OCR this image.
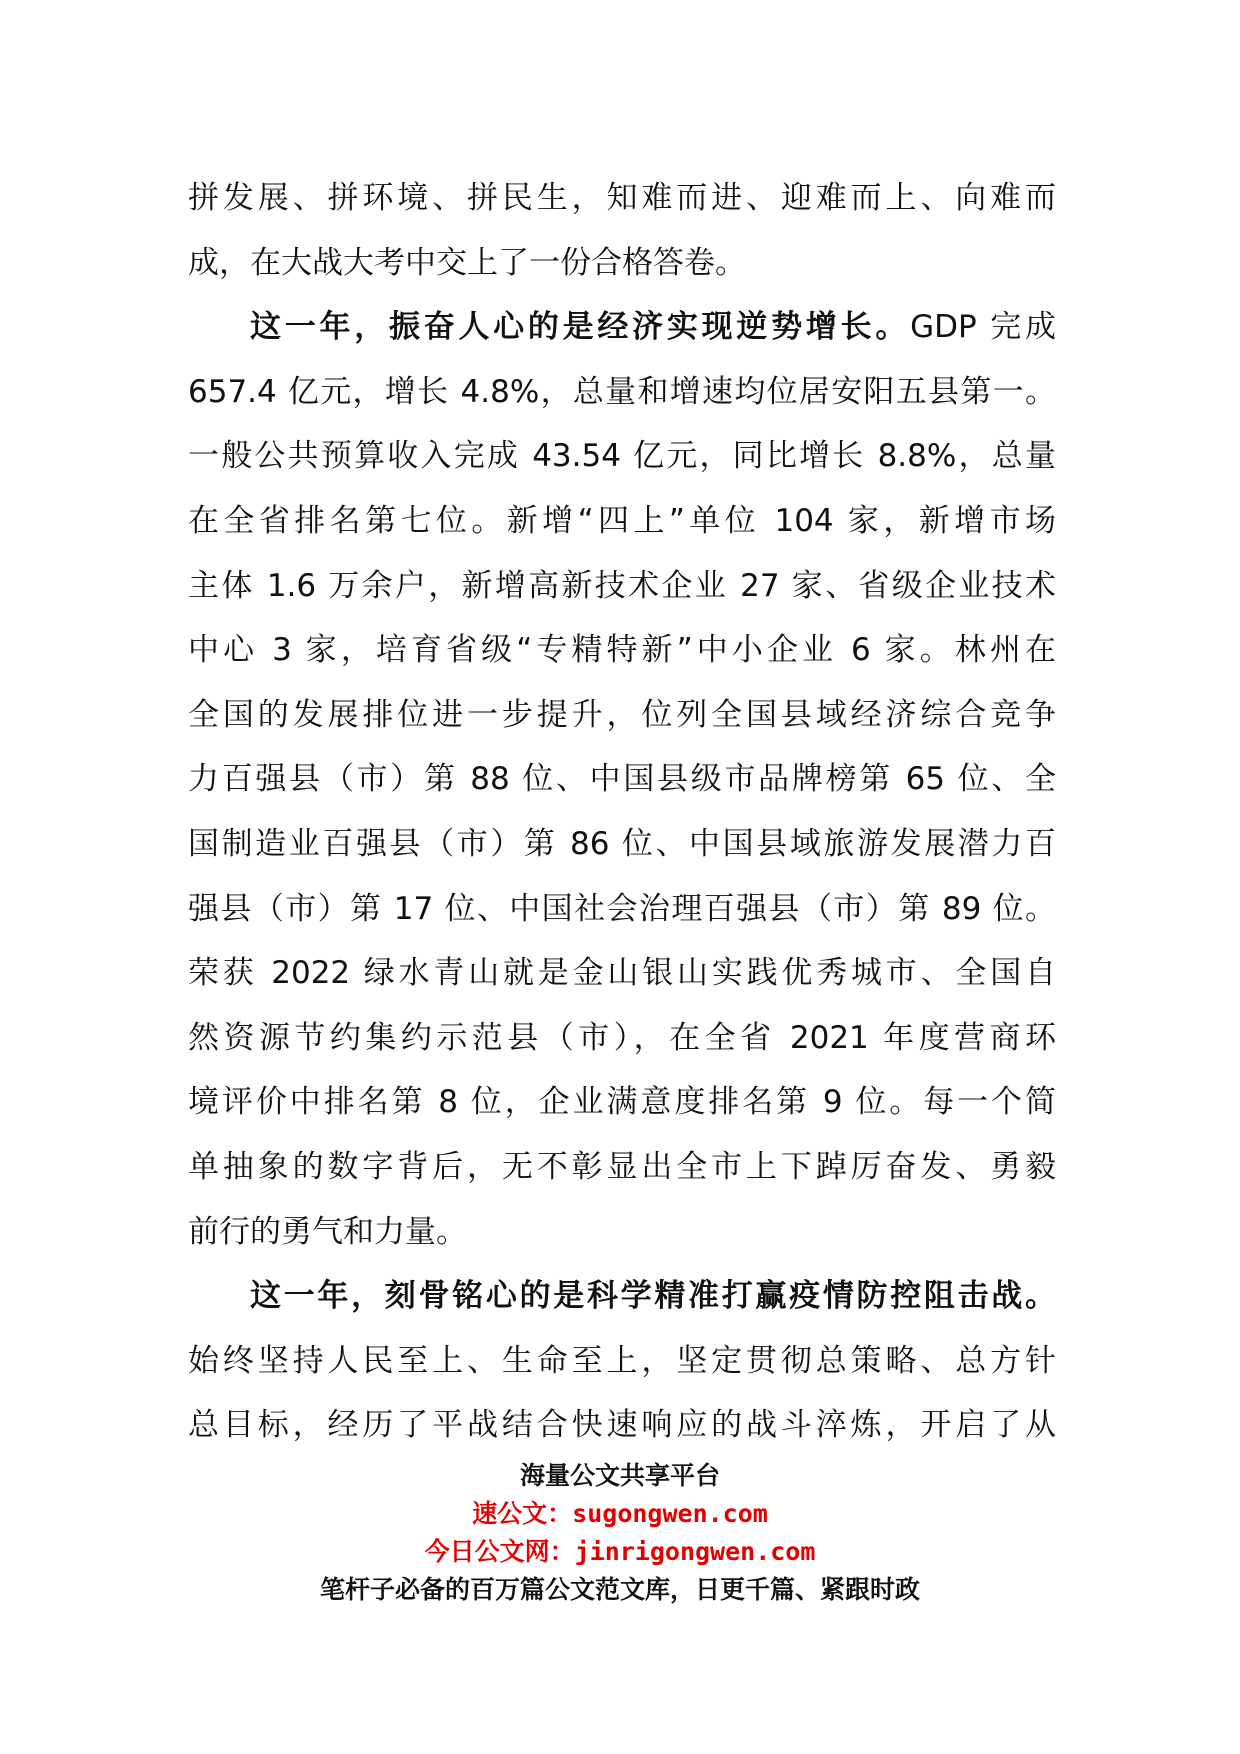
拼发展、拼环境、拼民生，知难而进、迎难而上、向难而
成，在大战大考中交上了一份合格答卷。
这一年，振奋人心的是经济实现逆势增长。GDP 完成
657.4 亿元，增长 4.8%，总量和增速均位居安阳五县第一。
一般公共预算收入完成 43.54 亿元，同比增长 8.8%，总量
在全省排名第七位。新增“四上”单位 104 家，新增市场
主体 1.6 万余户，新增高新技术企业 27 家、省级企业技术
中心 3 家，培育省级“专精特新”中小企业 6 家。林州在
全国的发展排位进一步提升，位列全国县域经济综合竞争
力百强县（市）第 88 位、中国县级市品牌榜第 65 位、全
国制造业百强县（市）第 86 位、中国县域旅游发展潜力百
强县（市）第 17 位、中国社会治理百强县（市）第 89 位。
荣获 2022 绿水青山就是金山银山实践优秀城市、全国自
然资源节约集约示范县（市），在全省 2021 年度营商环
境评价中排名第 8 位，企业满意度排名第 9 位。每一个简
单抽象的数字背后，无不彰显出全市上下踔厉奋发、勇毅
前行的勇气和力量。
这一年，刻骨铭心的是科学精准打赢疫情防控阻击战。
始终坚持人民至上、生命至上，坚定贯彻总策略、总方针
总目标，经历了平战结合快速响应的战斗淬炼，开启了从
海量公文共享平台
速公文：sugongwen.com
今日公文网：jinrigongwen.com
笔杆子必备的百万篇公文范文库，日更千篇、紧跟时政
